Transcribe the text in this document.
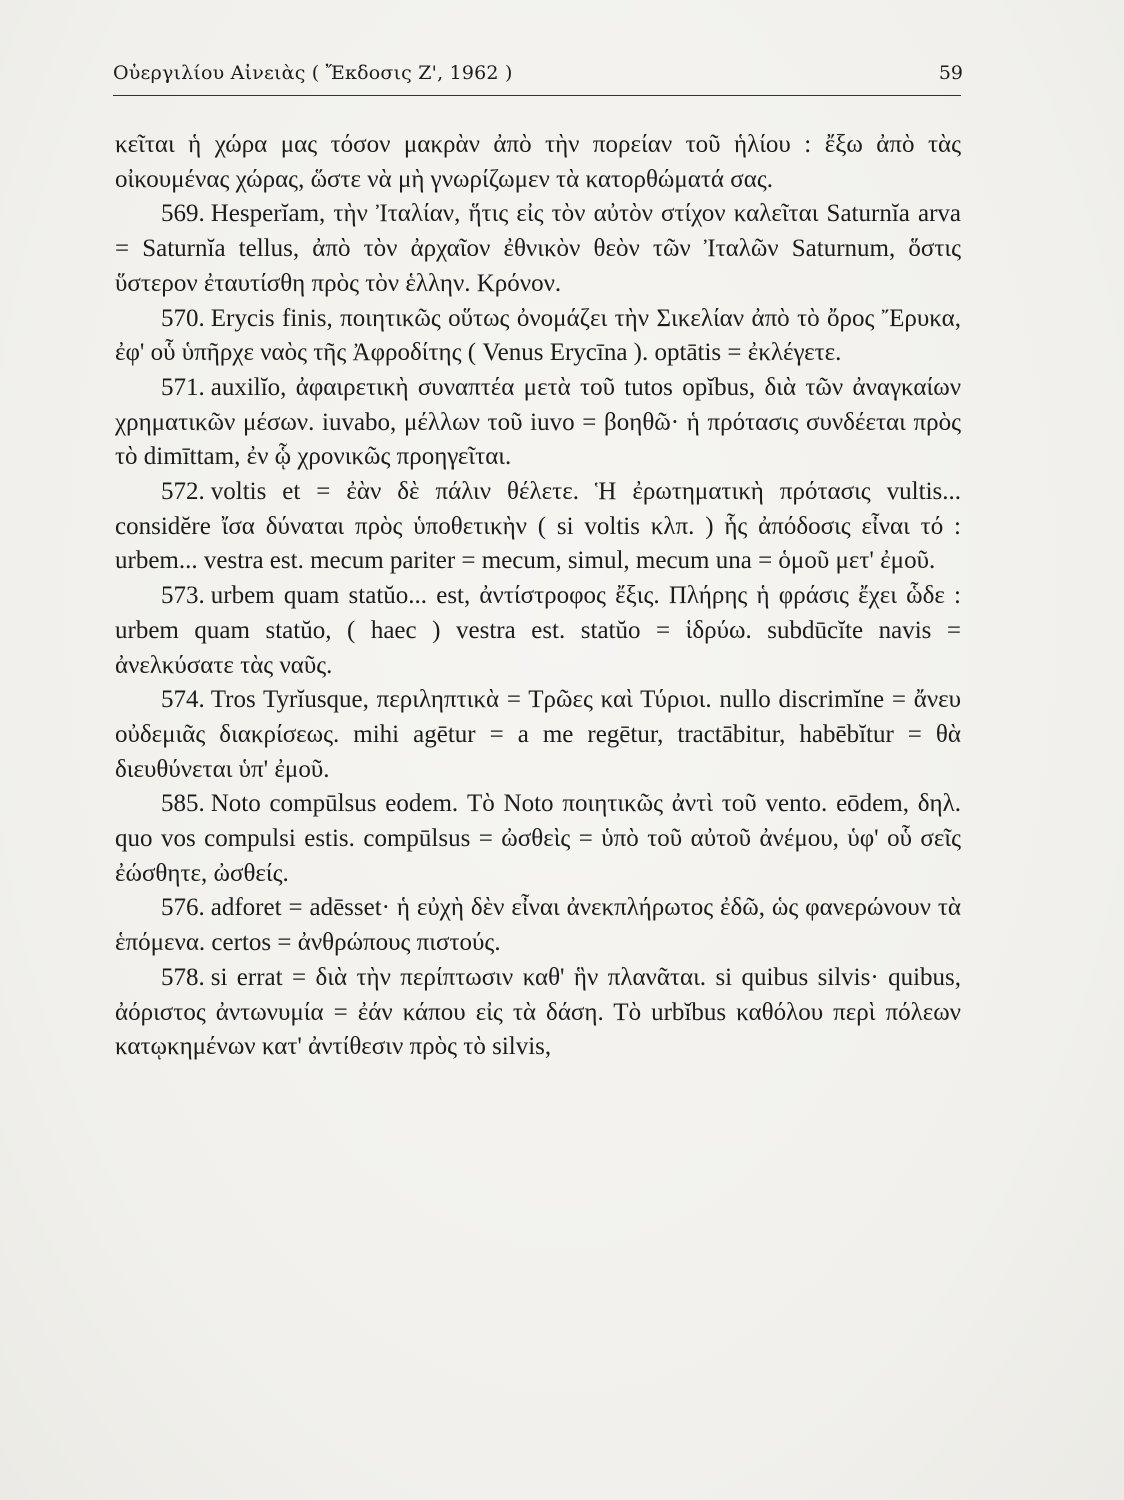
Οὐεργιλίου Αἰνειὰς ( Ἔκδοσις Ζ', 1962 )	59

κεῖται ἡ χώρα μας τόσον μακρὰν ἀπὸ τὴν πορείαν τοῦ ἡλίου : ἔξω ἀπὸ τὰς οἰκουμένας χώρας, ὥστε νὰ μὴ γνωρίζωμεν τὰ κατορθώματά σας.

569. Hesperĭam, τὴν Ἰταλίαν, ἥτις εἰς τὸν αὐτὸν στίχον καλεῖται Saturnĭa arva = Saturnĭa tellus, ἀπὸ τὸν ἀρχαῖον ἐθνικὸν θεὸν τῶν Ἰταλῶν Saturnum, ὅστις ὕστερον ἐταυτίσθη πρὸς τὸν ἑλλην. Κρόνον.

570. Erycis finis, ποιητικῶς οὕτως ὀνομάζει τὴν Σικελίαν ἀπὸ τὸ ὄρος Ἔρυκα, ἐφ' οὗ ὑπῆρχε ναὸς τῆς Ἀφροδίτης ( Venus Erycīna ). optātis = ἐκλέγετε.

571. auxilĭo, ἀφαιρετικὴ συναπτέα μετὰ τοῦ tutos opĭbus, διὰ τῶν ἀναγκαίων χρηματικῶν μέσων. iuvabo, μέλλων τοῦ iuvo = βοηθῶ· ἡ πρότασις συνδέεται πρὸς τὸ dimīttam, ἐν ᾧ χρονικῶς προηγεῖται.

572. voltis et = ἐὰν δὲ πάλιν θέλετε. Ἡ ἐρωτηματικὴ πρότασις vultis... considĕre ἴσα δύναται πρὸς ὑποθετικὴν ( si voltis κλπ. ) ἧς ἀπόδοσις εἶναι τό : urbem... vestra est. mecum pariter = mecum, simul, mecum una = ὁμοῦ μετ' ἐμοῦ.

573. urbem quam statŭo... est, ἀντίστροφος ἔξις. Πλήρης ἡ φράσις ἔχει ὧδε : urbem quam statŭo, ( haec ) vestra est. statŭo = ἱδρύω. subdūcĭte navis = ἀνελκύσατε τὰς ναῦς.

574. Tros Tyrĭusque, περιληπτικὰ = Τρῶες καὶ Τύριοι. nullo discrimĭne = ἄνευ οὐδεμιᾶς διακρίσεως. mihi agētur = a me regētur, tractābitur, habēbĭtur = θὰ διευθύνεται ὑπ' ἐμοῦ.

585. Noto compūlsus eodem. Τὸ Noto ποιητικῶς ἀντὶ τοῦ vento. eōdem, δηλ. quo vos compulsi estis. compūlsus = ὠσθεὶς = ὑπὸ τοῦ αὐτοῦ ἀνέμου, ὑφ' οὗ σεῖς ἐώσθητε, ὠσθείς.

576. adforet = adēsset· ἡ εὐχὴ δὲν εἶναι ἀνεκπλήρωτος ἐδῶ, ὡς φανερώνουν τὰ ἑπόμενα. certos = ἀνθρώπους πιστούς.

578. si errat = διὰ τὴν περίπτωσιν καθ' ἣν πλανᾶται. si quibus silvis· quibus, ἀόριστος ἀντωνυμία = ἐάν κάπου εἰς τὰ δάση. Τὸ urbĭbus καθόλου περὶ πόλεων κατῳκημένων κατ' ἀντίθεσιν πρὸς τὸ silvis,
